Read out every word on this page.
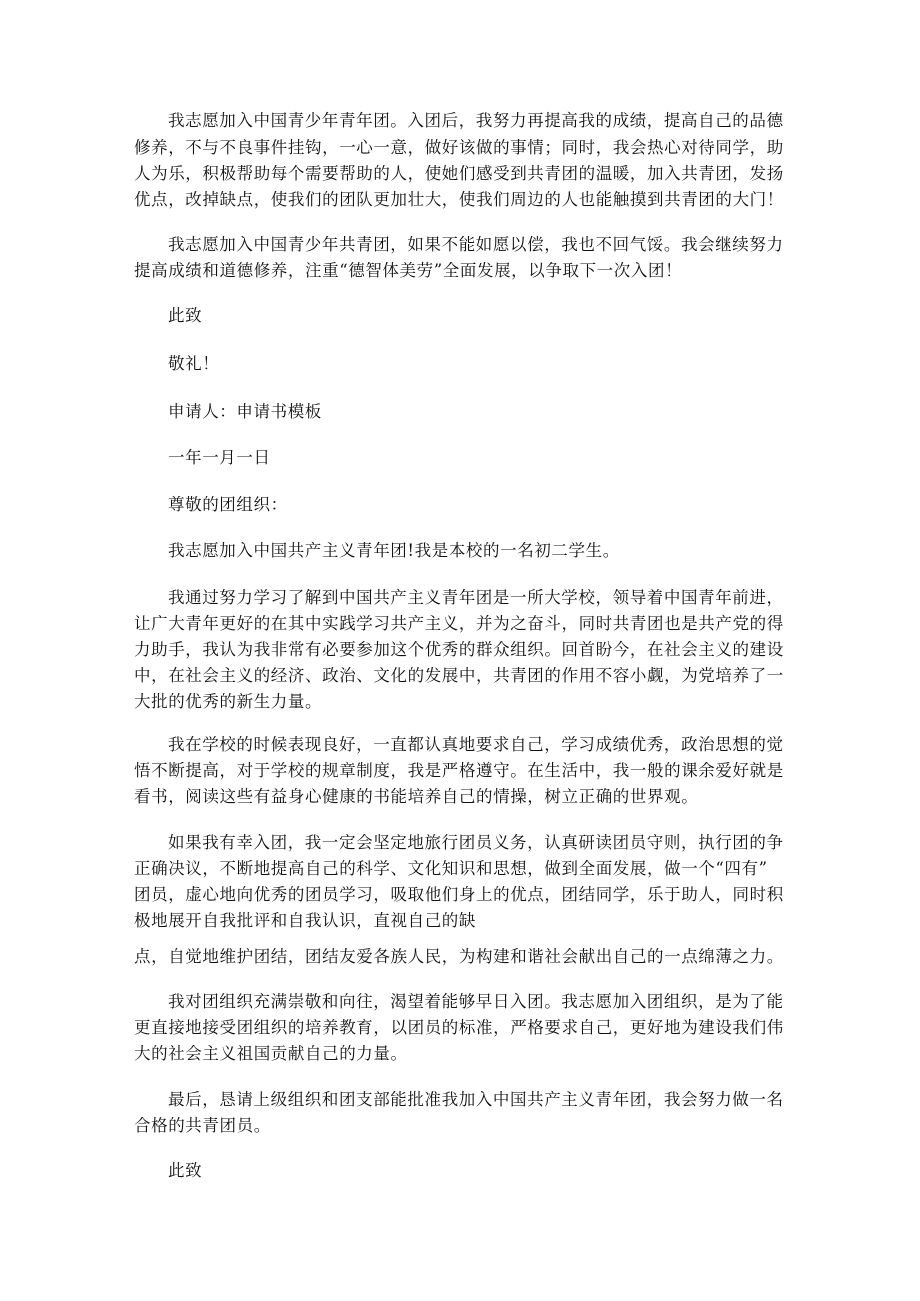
我志愿加入中国青少年青年团。入团后，我努力再提高我的成绩，提高自己的品德
修养，不与不良事件挂钩，一心一意，做好该做的事情；同时，我会热心对待同学，助
人为乐，积极帮助每个需要帮助的人，使她们感受到共青团的温暖，加入共青团，发扬
优点，改掉缺点，使我们的团队更加壮大，使我们周边的人也能触摸到共青团的大门！
我志愿加入中国青少年共青团，如果不能如愿以偿，我也不回气馁。我会继续努力
提高成绩和道德修养，注重“德智体美劳”全面发展，以争取下一次入团！
此致
敬礼！
申请人：申请书模板
一年一月一日
尊敬的团组织：
我志愿加入中国共产主义青年团!我是本校的一名初二学生。
我通过努力学习了解到中国共产主义青年团是一所大学校，领导着中国青年前进，
让广大青年更好的在其中实践学习共产主义，并为之奋斗，同时共青团也是共产党的得
力助手，我认为我非常有必要参加这个优秀的群众组织。回首盼今，在社会主义的建设
中，在社会主义的经济、政治、文化的发展中，共青团的作用不容小觑，为党培养了一
大批的优秀的新生力量。
我在学校的时候表现良好，一直都认真地要求自己，学习成绩优秀，政治思想的觉
悟不断提高，对于学校的规章制度，我是严格遵守。在生活中，我一般的课余爱好就是
看书，阅读这些有益身心健康的书能培养自己的情操，树立正确的世界观。
如果我有幸入团，我一定会坚定地旅行团员义务，认真研读团员守则，执行团的争
正确决议，不断地提高自己的科学、文化知识和思想，做到全面发展，做一个“四有”
团员，虚心地向优秀的团员学习，吸取他们身上的优点，团结同学，乐于助人，同时积
极地展开自我批评和自我认识，直视自己的缺
点，自觉地维护团结，团结友爱各族人民，为构建和谐社会献出自己的一点绵薄之力。
我对团组织充满崇敬和向往，渴望着能够早日入团。我志愿加入团组织，是为了能
更直接地接受团组织的培养教育，以团员的标准，严格要求自己，更好地为建设我们伟
大的社会主义祖国贡献自己的力量。
最后，恳请上级组织和团支部能批准我加入中国共产主义青年团，我会努力做一名
合格的共青团员。
此致
